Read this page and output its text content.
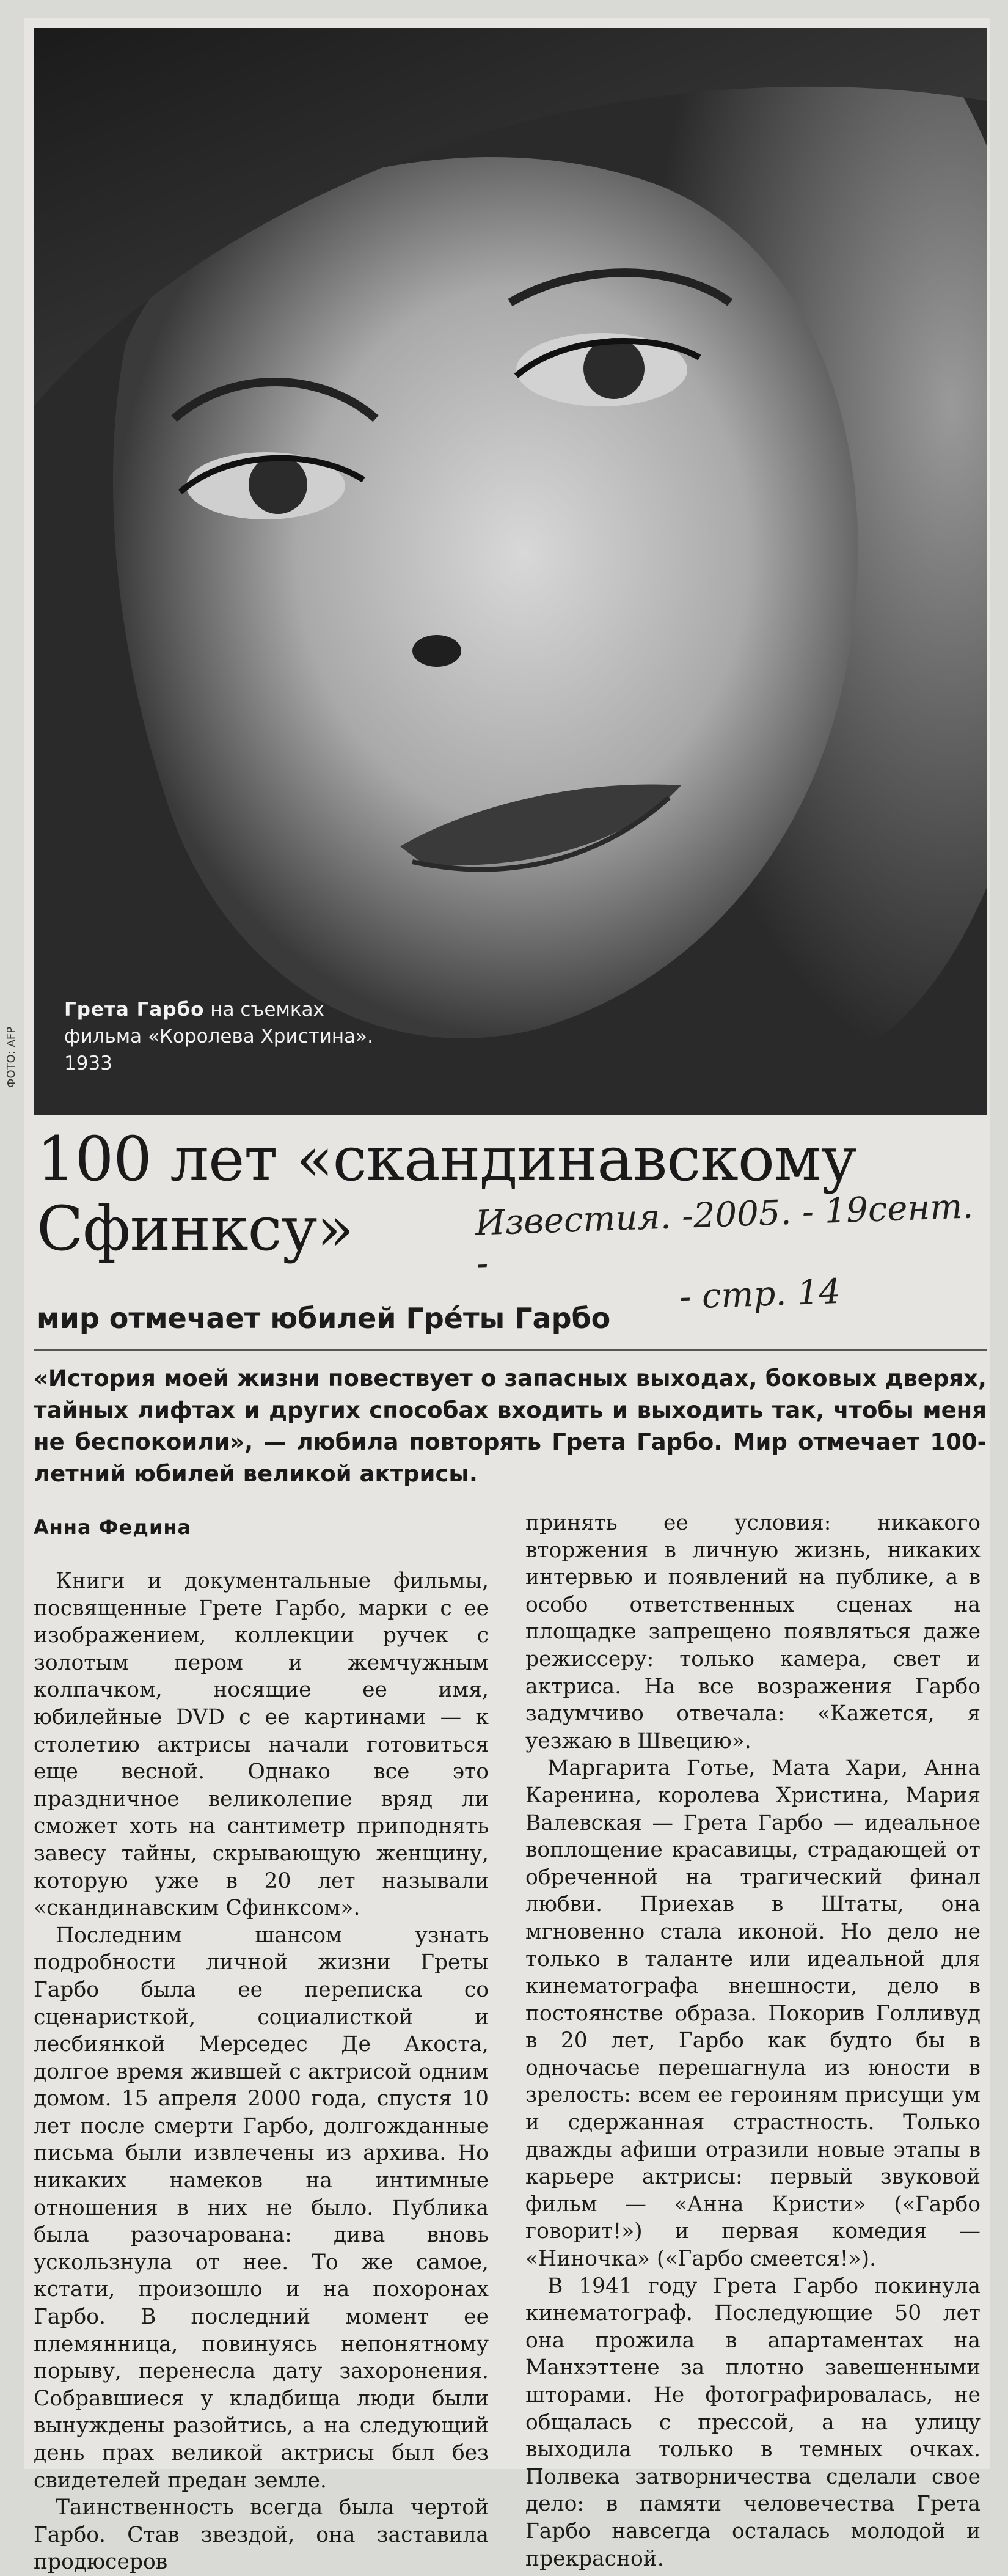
Грета Гарбо на съемках фильма «Королева Христина». 1933
ФОТО: AFP
100 лет «скандинавскому
Сфинксу»	Известия. -2005. - 19сент. -
- стр. 14
мир отмечает юбилей Гре́ты Гарбо
«История моей жизни повествует о запасных выходах, боковых дверях, тайных лифтах и других способах входить и выходить так, чтобы меня не беспокоили», — любила повторять Грета Гарбо. Мир отмечает 100-летний юбилей великой актрисы.
Анна Федина

Книги и документальные фильмы, посвященные Грете Гарбо, марки с ее изображением, коллекции ручек с золотым пером и жемчужным колпачком, носящие ее имя, юбилейные DVD с ее картинами — к столетию актрисы начали готовиться еще весной. Однако все это праздничное великолепие вряд ли сможет хоть на сантиметр приподнять завесу тайны, скрывающую женщину, которую уже в 20 лет называли «скандинавским Сфинксом».

Последним шансом узнать подробности личной жизни Греты Гарбо была ее переписка со сценаристкой, социалисткой и лесбиянкой Мерседес Де Акоста, долгое время жившей с актрисой одним домом. 15 апреля 2000 года, спустя 10 лет после смерти Гарбо, долгожданные письма были извлечены из архива. Но никаких намеков на интимные отношения в них не было. Публика была разочарована: дива вновь ускользнула от нее. То же самое, кстати, произошло и на похоронах Гарбо. В последний момент ее племянница, повинуясь непонятному порыву, перенесла дату захоронения. Собравшиеся у кладбища люди были вынуждены разойтись, а на следующий день прах великой актрисы был без свидетелей предан земле.

Таинственность всегда была чертой Гарбо. Став звездой, она заставила продюсеров

принять ее условия: никакого вторжения в личную жизнь, никаких интервью и появлений на публике, а в особо ответственных сценах на площадке запрещено появляться даже режиссеру: только камера, свет и актриса. На все возражения Гарбо задумчиво отвечала: «Кажется, я уезжаю в Швецию».

Маргарита Готье, Мата Хари, Анна Каренина, королева Христина, Мария Валевская — Грета Гарбо — идеальное воплощение красавицы, страдающей от обреченной на трагический финал любви. Приехав в Штаты, она мгновенно стала иконой. Но дело не только в таланте или идеальной для кинематографа внешности, дело в постоянстве образа. Покорив Голливуд в 20 лет, Гарбо как будто бы в одночасье перешагнула из юности в зрелость: всем ее героиням присущи ум и сдержанная страстность. Только дважды афиши отразили новые этапы в карьере актрисы: первый звуковой фильм — «Анна Кристи» («Гарбо говорит!») и первая комедия — «Ниночка» («Гарбо смеется!»).

В 1941 году Грета Гарбо покинула кинематограф. Последующие 50 лет она прожила в апартаментах на Манхэттене за плотно завешенными шторами. Не фотографировалась, не общалась с прессой, а на улицу выходила только в темных очках. Полвека затворничества сделали свое дело: в памяти человечества Грета Гарбо навсегда осталась молодой и прекрасной.
